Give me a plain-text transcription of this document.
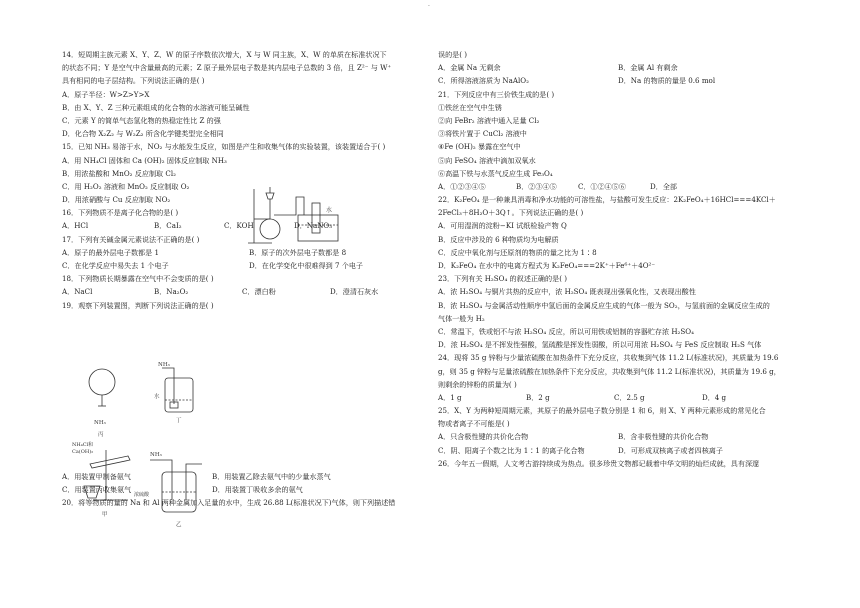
·
14．短周期主族元素 X、Y、Z、W 的原子序数依次增大，X 与 W 同主族，X、W 的单质在标准状况下
的状态不同；Y 是空气中含量最高的元素；Z 原子最外层电子数是其内层电子总数的 3 倍，且 Z²⁻ 与 W⁺
具有相同的电子层结构。下列说法正确的是( )
A．原子半径：W>Z>Y>X
B．由 X、Y、Z 三种元素组成的化合物的水溶液可能呈碱性
C．元素 Y 的简单气态氢化物的热稳定性比 Z 的强
D．化合物 X₂Z₂ 与 W₂Z₂ 所含化学键类型完全相同
15．已知 NH₃ 易溶于水，NO₂ 与水能发生反应，如图是产生和收集气体的实验装置，该装置适合于( )
A．用 NH₄Cl 固体和 Ca (OH)₂ 固体反应制取 NH₃
B．用浓盐酸和 MnO₂ 反应制取 Cl₂
C．用 H₂O₂ 溶液和 MnO₂ 反应制取 O₂
D．用浓硝酸与 Cu 反应制取 NO₂
16．下列物质不是离子化合物的是( )
A．HCl	B．CaI₂	C．KOH	D．NaNO₃
17．下列有关碱金属元素说法不正确的是( )
A．原子的最外层电子数都是 1	B．原子的次外层电子数都是 8
C．在化学反应中易失去 1 个电子	D．在化学变化中很难得到 7 个电子
18．下列物质长期暴露在空气中不会变质的是( )
A．NaCl	B．Na₂O₂	C．漂白粉	D．澄清石灰水
19．观察下列装置图，判断下列说法正确的是( )
A．用装置甲制备氨气	B．用装置乙除去氨气中的少量水蒸气
C．用装置丙收集氨气	D．用装置丁吸收多余的氨气
20．将等物质的量的 Na 和 Al 两种金属加入足量的水中，生成 26.88 L(标准状况下)气体，则下列描述错
水
NH₃
丙
NH₃
水
丁
NH₄Cl和
Ca(OH)₂
甲
NH₃
浓硫酸
乙
误的是( )
A．金属 Na 无剩余	B．金属 Al 有剩余
C．所得溶液溶质为 NaAlO₂	D．Na 的物质的量是 0.6 mol
21．下列反应中有三价铁生成的是( )
①铁丝在空气中生锈
②向 FeBr₂ 溶液中通入足量 Cl₂
③将铁片置于 CuCl₂ 溶液中
④Fe (OH)₂ 暴露在空气中
⑤向 FeSO₄ 溶液中滴加双氧水
⑥高温下铁与水蒸气反应生成 Fe₃O₄
A．①②③④⑤	B．②③④⑤	C．①②④⑤⑥	D．全部
22．K₂FeO₄ 是一种兼具消毒和净水功能的可溶性盐，与盐酸可发生反应：2K₂FeO₄＋16HCl===4KCl＋
2FeCl₃＋8H₂O＋3Q↑。下列说法正确的是( )
A．可用湿润的淀粉−KI 试纸检验产物 Q
B．反应中涉及的 6 种物质均为电解质
C．反应中氧化剂与还原剂的物质的量之比为 1∶8
D．K₂FeO₄ 在水中的电离方程式为 K₂FeO₄===2K⁺＋Fe⁶⁺＋4O²⁻
23．下列有关 H₂SO₄ 的叙述正确的是( )
A．浓 H₂SO₄ 与铜片共热的反应中，浓 H₂SO₄ 既表现出强氧化性，又表现出酸性
B．浓 H₂SO₄ 与金属活动性顺序中氢后面的金属反应生成的气体一般为 SO₂，与氢前面的金属反应生成的
气体一般为 H₂
C．常温下，铁或铝不与浓 H₂SO₄ 反应，所以可用铁或铝制的容器贮存浓 H₂SO₄
D．浓 H₂SO₄ 是不挥发性强酸，氢硫酸是挥发性弱酸，所以可用浓 H₂SO₄ 与 FeS 反应制取 H₂S 气体
24．现将 35 g 锌粉与少量浓硫酸在加热条件下充分反应，共收集到气体 11.2 L(标准状况)，其质量为 19.6
g，则 35 g 锌粉与足量浓硫酸在加热条件下充分反应，共收集到气体 11.2 L(标准状况)，其质量为 19.6 g，
则剩余的锌粉的质量为( )
A．1 g	B．2 g	C．2.5 g	D．4 g
25．X、Y 为两种短周期元素，其原子的最外层电子数分别是 1 和 6，则 X、Y 两种元素形成的常见化合
物或者离子不可能是( )
A．只含极性键的共价化合物	B．含非极性键的共价化合物
C．阴、阳离子个数之比为 1∶1 的离子化合物	D．可形成双核离子或者四核离子
26．今年五一假期，人文考古游持续成为热点。很多珍贵文物都记载着中华文明的灿烂成就，具有深邃
